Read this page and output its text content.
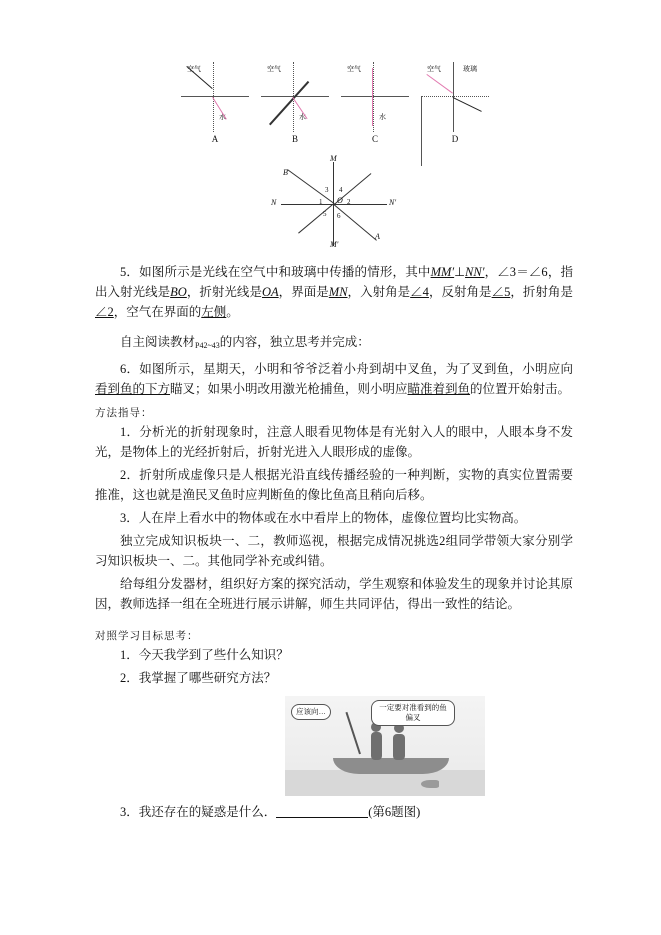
空气
水
A
空气
水
B
空气
水
C
空气	玻璃
D
M
B
N	O	N'
A
M'
3 4
1	2
5 6

5．如图所示是光线在空气中和玻璃中传播的情形，其中MM′⊥NN′，∠3＝∠6，指出入射光线是BO，折射光线是OA，界面是MN，入射角是∠4，反射角是∠5，折射角是∠2，空气在界面的左侧。

自主阅读教材$_{P42\sim 43}$的内容，独立思考并完成：

6．如图所示，星期天，小明和爷爷泛着小舟到胡中叉鱼，为了叉到鱼，小明应向看到鱼的下方瞄叉；如果小明改用激光枪捕鱼，则小明应瞄准着到鱼的位置开始射击。

方法指导：

1．分析光的折射现象时，注意人眼看见物体是有光射入人的眼中，人眼本身不发光，是物体上的光经折射后，折射光进入人眼形成的虚像。

2．折射所成虚像只是人根据光沿直线传播经验的一种判断，实物的真实位置需要推准，这也就是渔民叉鱼时应判断鱼的像比鱼高且稍向后移。

3．人在岸上看水中的物体或在水中看岸上的物体，虚像位置均比实物高。

独立完成知识板块一、二，教师巡视，根据完成情况挑选2组同学带领大家分别学习知识板块一、二。其他同学补充或纠错。

给每组分发器材，组织好方案的探究活动，学生观察和体验发生的现象并讨论其原因，教师选择一组在全班进行展示讲解，师生共同评估，得出一致性的结论。

对照学习目标思考：

1．今天我学到了些什么知识？

2．我掌握了哪些研究方法？

应该向…	一定要对准看到的鱼偏叉

3．我还存在的疑惑是什么．	(第6题图)
